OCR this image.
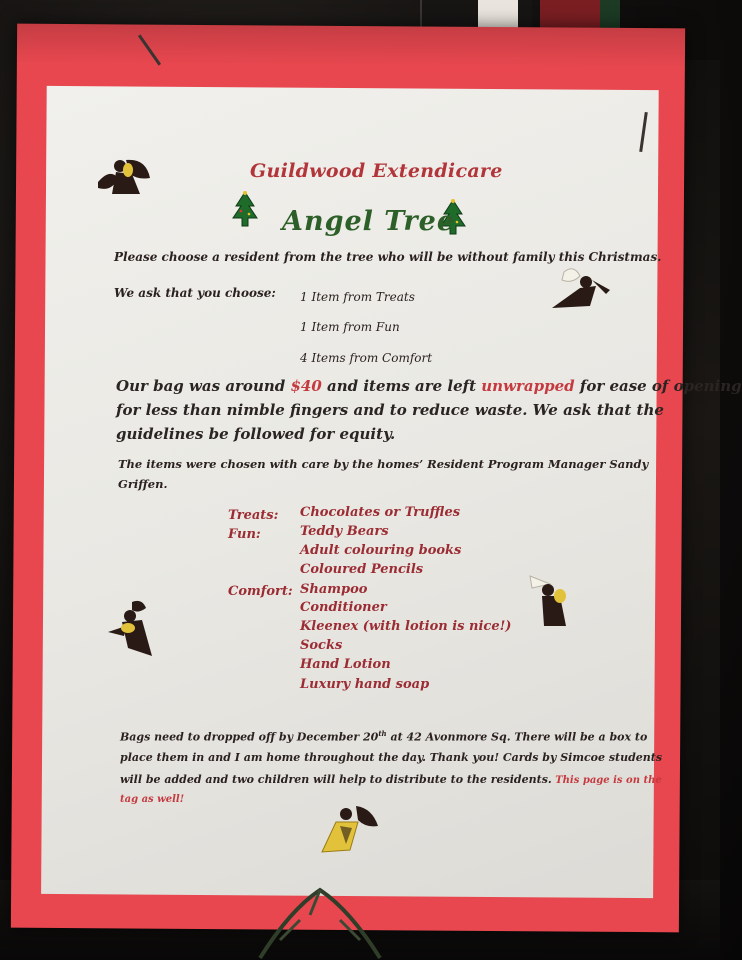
Guildwood Extendicare
Angel Tree
Please choose a resident from the tree who will be without family this Christmas.
We ask that you choose: 1 Item from Treats
1 Item from Fun
4 Items from Comfort
Our bag was around $40 and items are left unwrapped for ease of opening
for less than nimble fingers and to reduce waste. We ask that the
guidelines be followed for equity.
The items were chosen with care by the homes’ Resident Program Manager Sandy
Griffen.
Treats: Chocolates or Truffles
Fun:	Teddy Bears
Adult colouring books
Coloured Pencils
Comfort: Shampoo
Conditioner
Kleenex (with lotion is nice!)
Socks
Hand Lotion
Luxury hand soap
Bags need to dropped off by December 20th at 42 Avonmore Sq. There will be a box to
place them in and I am home throughout the day. Thank you! Cards by Simcoe students
will be added and two children will help to distribute to the residents. This page is on the
tag as well!
